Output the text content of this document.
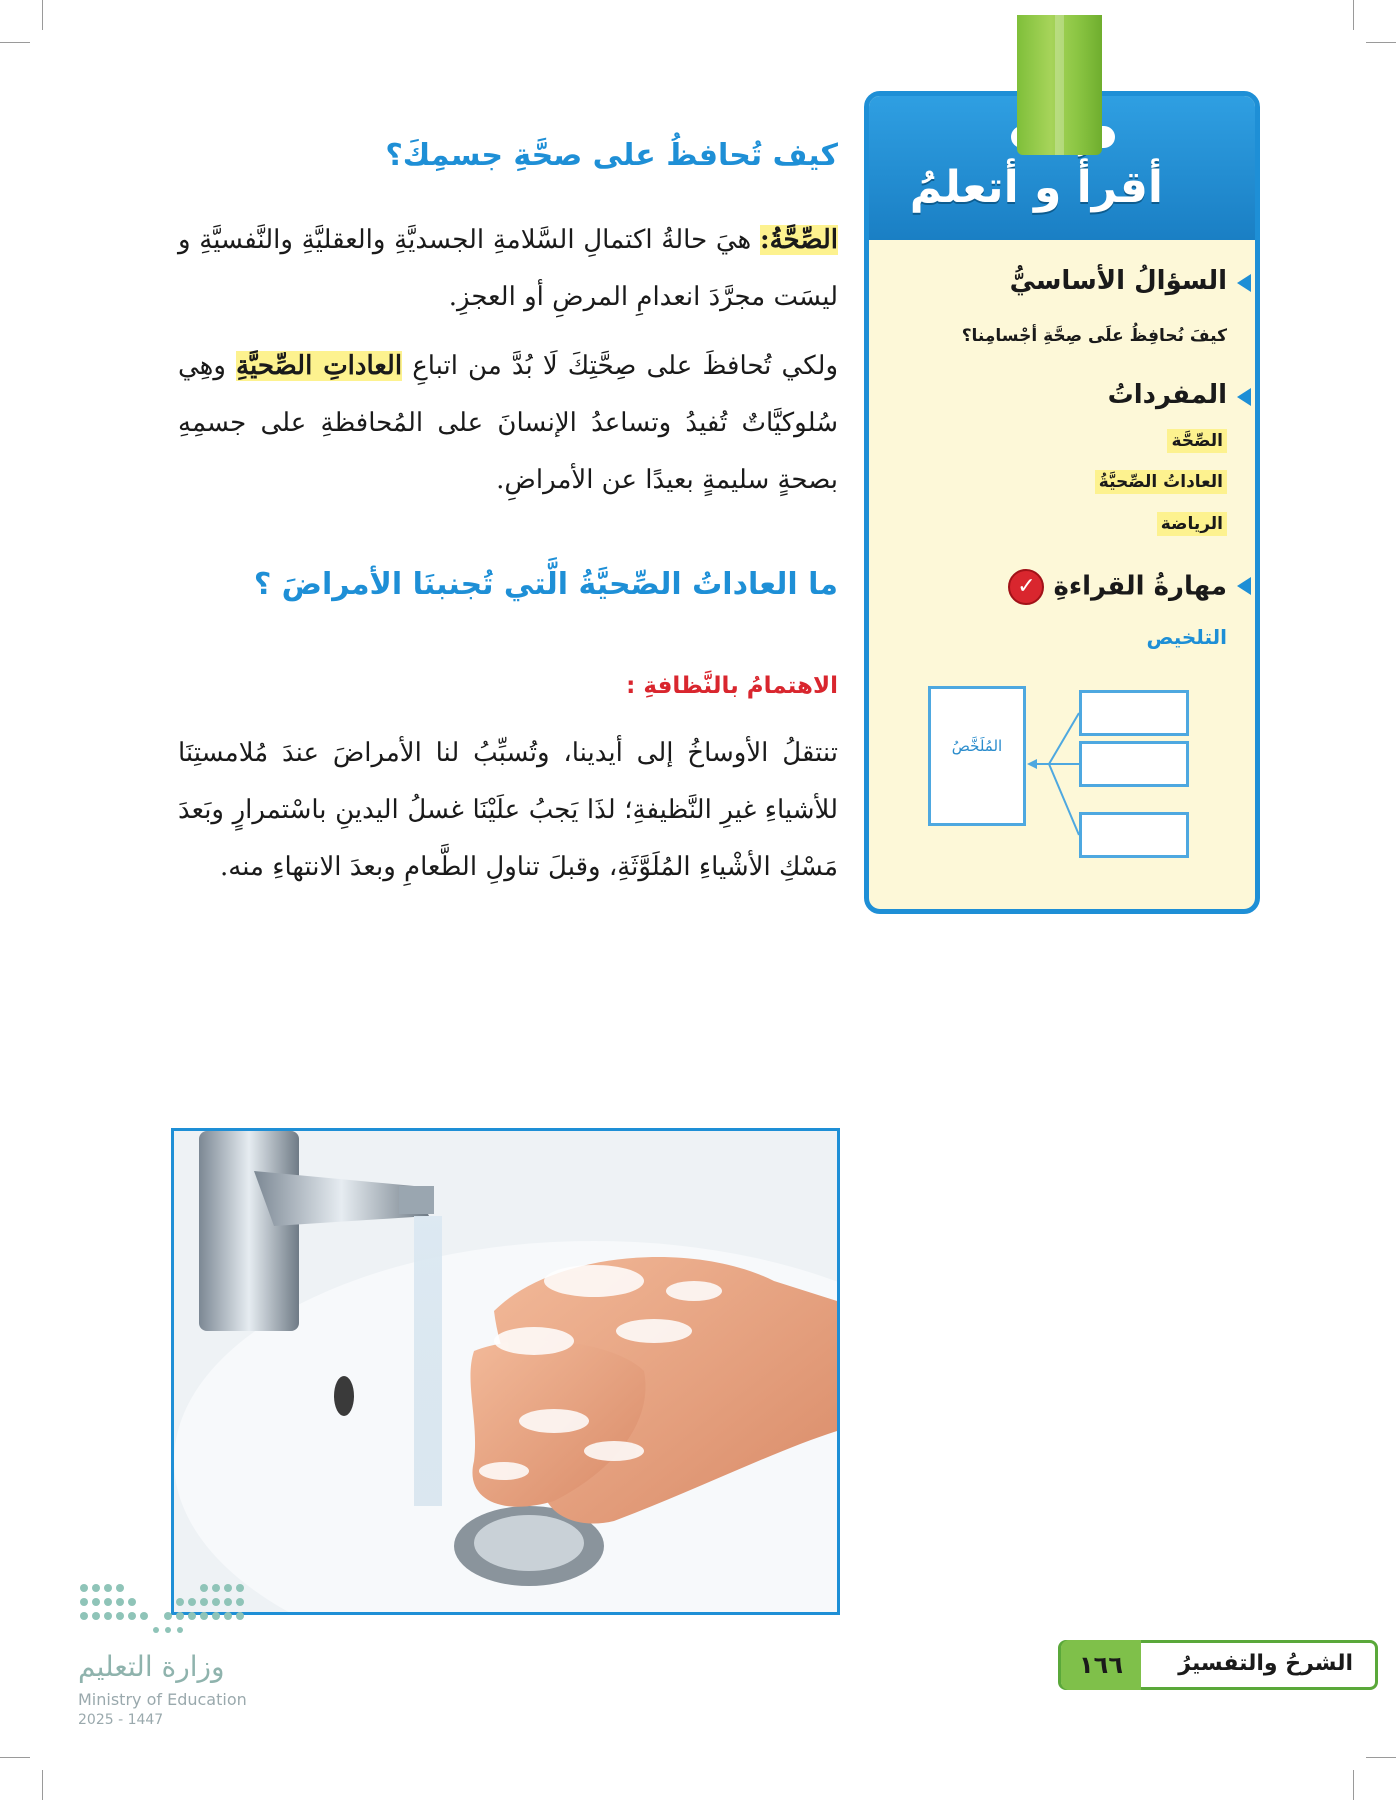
أقرأُ و أتعلمُ
السؤالُ الأساسيُّ
كيفَ نُحافِظُ علَى صِحَّةِ أجْسامِنا؟
المفرداتُ
الصِّحَّة
العاداتُ الصِّحيَّةُ
الرياضة
مهارةُ القراءةِ ✓
التلخيص
المُلَخَّصُ
كيف تُحافظُ على صحَّةِ جسمِكَ؟
الصِّحَّةُ: هيَ حالةُ اكتمالِ السَّلامةِ الجسديَّةِ والعقليَّةِ والنَّفسيَّةِ و ليسَت مجرَّدَ انعدامِ المرضِ أو العجزِ.
ولكي تُحافظَ على صِحَّتِكَ لَا بُدَّ من اتباعِ العاداتِ الصِّحيَّةِ وهِي سُلوكيَّاتٌ تُفيدُ وتساعدُ الإنسانَ على المُحافظةِ على جسمِهِ بصحةٍ سليمةٍ بعيدًا عن الأمراضِ.
ما العاداتُ الصِّحيَّةُ الَّتي تُجنبنَا الأمراضَ ؟
الاهتمامُ بالنَّظافةِ :
تنتقلُ الأوساخُ إلى أيدينا، وتُسبِّبُ لنا الأمراضَ عندَ مُلامستِنَا للأشياءِ غيرِ النَّظيفةِ؛ لذَا يَجبُ علَيْنَا غسلُ اليدينِ باسْتمرارٍ وبَعدَ مَسْكِ الأشْياءِ المُلَوَّثَةِ، وقبلَ تناولِ الطَّعامِ وبعدَ الانتهاءِ منه.
وزارة التعليم
Ministry of Education
2025 - 1447
١٦٦	الشرحُ والتفسيرُ
